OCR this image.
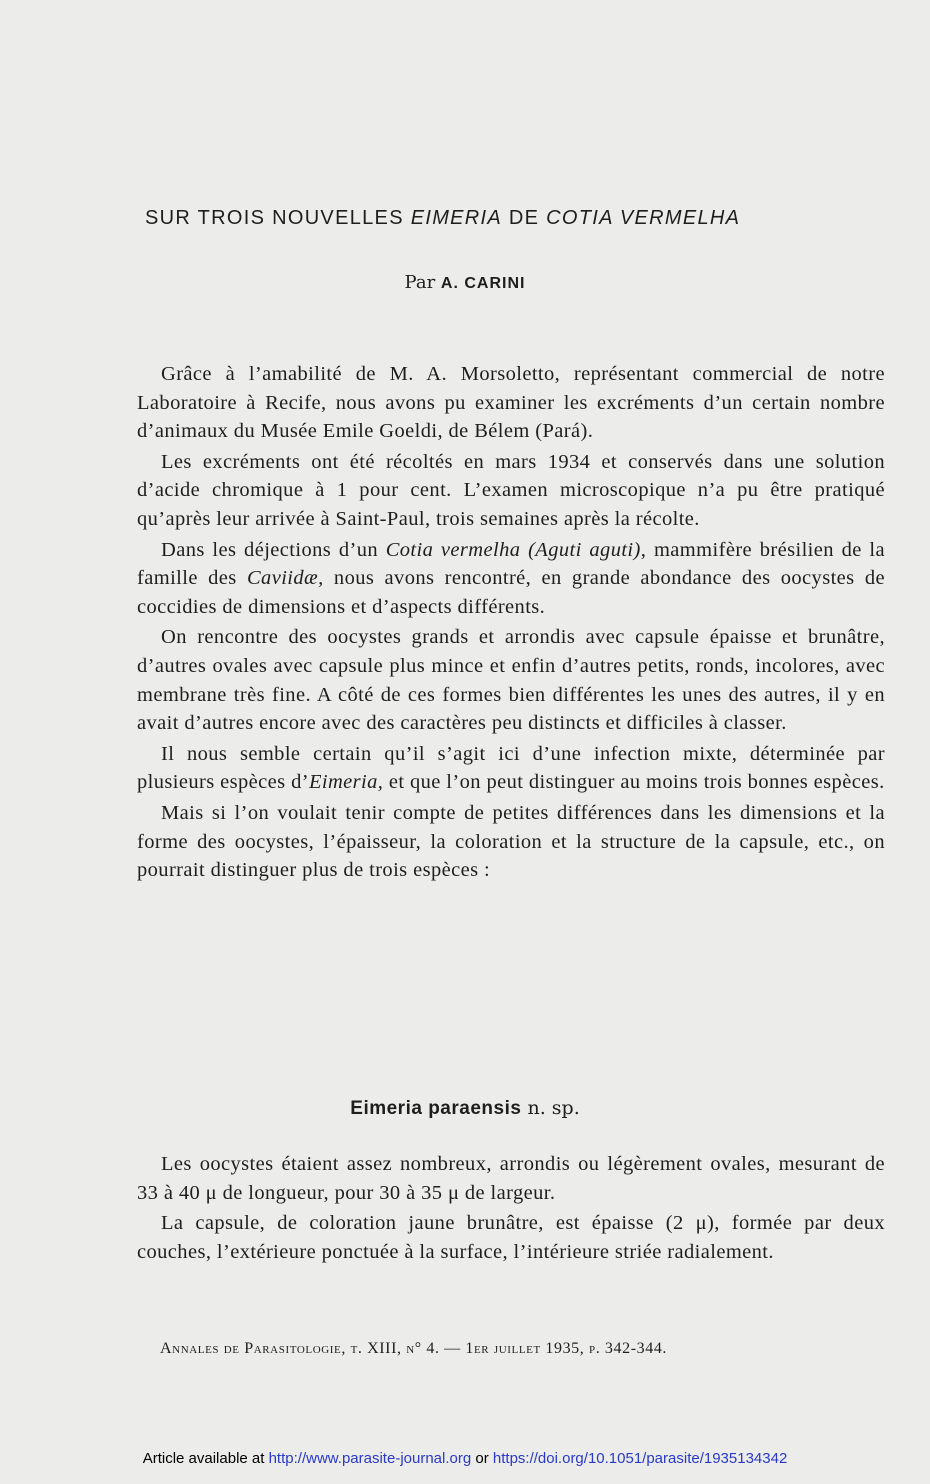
SUR TROIS NOUVELLES EIMERIA DE COTIA VERMELHA
Par A. CARINI

Grâce à l’amabilité de M. A. Morsoletto, représentant commercial de notre Laboratoire à Recife, nous avons pu examiner les excréments d’un certain nombre d’animaux du Musée Emile Goeldi, de Bélem (Pará).

Les excréments ont été récoltés en mars 1934 et conservés dans une solution d’acide chromique à 1 pour cent. L’examen microscopique n’a pu être pratiqué qu’après leur arrivée à Saint-Paul, trois semaines après la récolte.

Dans les déjections d’un Cotia vermelha (Aguti aguti), mammifère brésilien de la famille des Caviidæ, nous avons rencontré, en grande abondance des oocystes de coccidies de dimensions et d’aspects différents.

On rencontre des oocystes grands et arrondis avec capsule épaisse et brunâtre, d’autres ovales avec capsule plus mince et enfin d’autres petits, ronds, incolores, avec membrane très fine. A côté de ces formes bien différentes les unes des autres, il y en avait d’autres encore avec des caractères peu distincts et difficiles à classer.

Il nous semble certain qu’il s’agit ici d’une infection mixte, déterminée par plusieurs espèces d’Eimeria, et que l’on peut distinguer au moins trois bonnes espèces.

Mais si l’on voulait tenir compte de petites différences dans les dimensions et la forme des oocystes, l’épaisseur, la coloration et la structure de la capsule, etc., on pourrait distinguer plus de trois espèces :

Eimeria paraensis n. sp.

Les oocystes étaient assez nombreux, arrondis ou légèrement ovales, mesurant de 33 à 40 μ de longueur, pour 30 à 35 μ de largeur.

La capsule, de coloration jaune brunâtre, est épaisse (2 μ), formée par deux couches, l’extérieure ponctuée à la surface, l’intérieure striée radialement.

Annales de Parasitologie, t. XIII, n° 4. — 1er juillet 1935, p. 342-344.
Article available at http://www.parasite-journal.org or https://doi.org/10.1051/parasite/1935134342
